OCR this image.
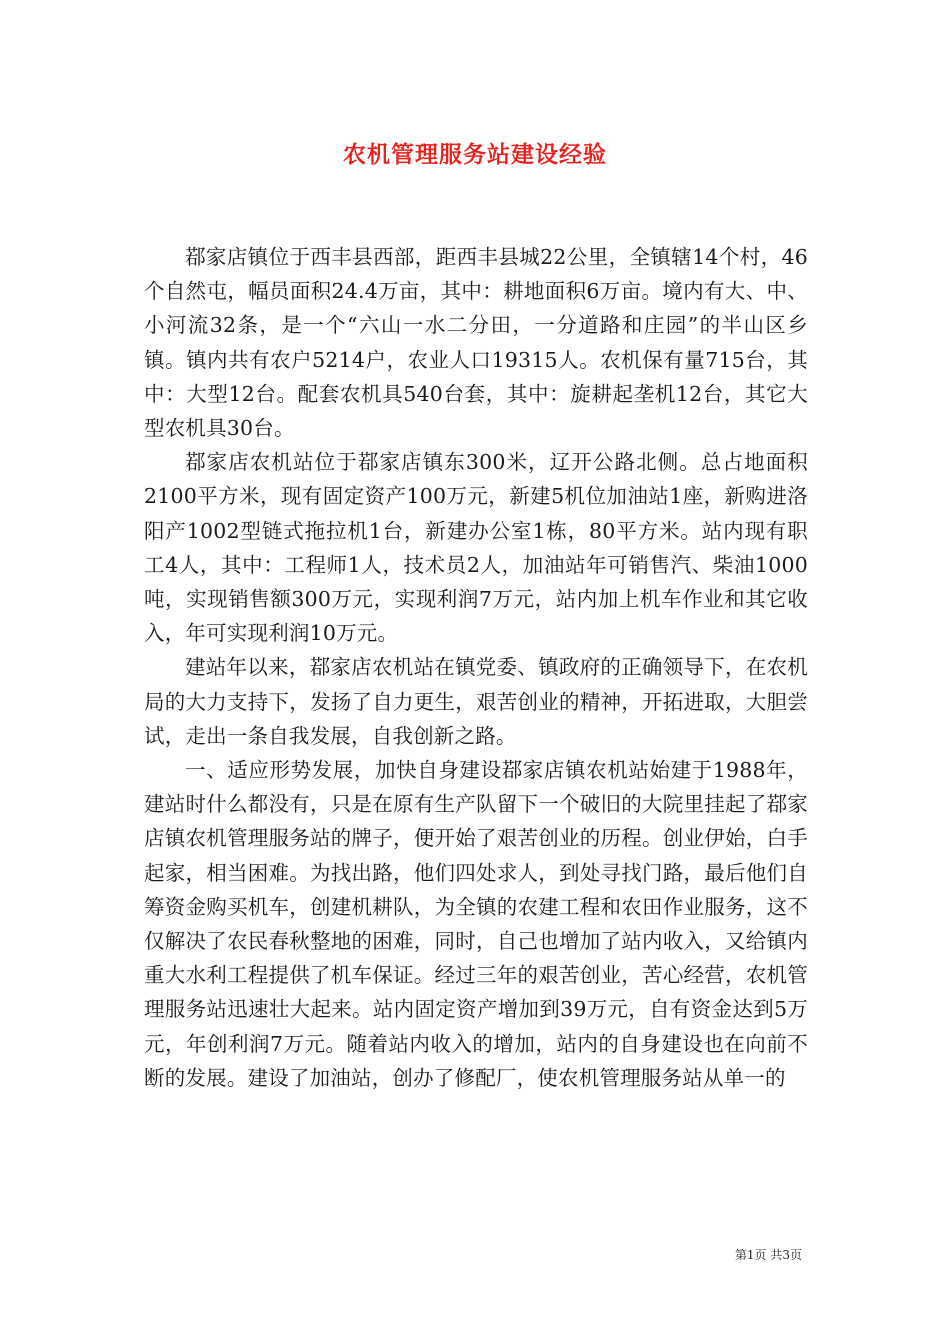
农机管理服务站建设经验

鄀家店镇位于西丰县西部，距西丰县城22公里，全镇辖14个村，46个自然屯，幅员面积24.4万亩，其中：耕地面积6万亩。境内有大、中、小河流32条，是一个“六山一水二分田，一分道路和庄园”的半山区乡镇。镇内共有农户5214户，农业人口19315人。农机保有量715台，其中：大型12台。配套农机具540台套，其中：旋耕起垄机12台，其它大型农机具30台。

鄀家店农机站位于鄀家店镇东300米，辽开公路北侧。总占地面积2100平方米，现有固定资产100万元，新建5机位加油站1座，新购进洛阳产1002型链式拖拉机1台，新建办公室1栋，80平方米。站内现有职工4人，其中：工程师1人，技术员2人，加油站年可销售汽、柴油1000吨，实现销售额300万元，实现利润7万元，站内加上机车作业和其它收入，年可实现利润10万元。

建站年以来，鄀家店农机站在镇党委、镇政府的正确领导下，在农机局的大力支持下，发扬了自力更生，艰苦创业的精神，开拓进取，大胆尝试，走出一条自我发展，自我创新之路。

一、适应形势发展，加快自身建设鄀家店镇农机站始建于1988年，建站时什么都没有，只是在原有生产队留下一个破旧的大院里挂起了鄀家店镇农机管理服务站的牌子，便开始了艰苦创业的历程。创业伊始，白手起家，相当困难。为找出路，他们四处求人，到处寻找门路，最后他们自筹资金购买机车，创建机耕队，为全镇的农建工程和农田作业服务，这不仅解决了农民春秋整地的困难，同时，自己也增加了站内收入，又给镇内重大水利工程提供了机车保证。经过三年的艰苦创业，苦心经营，农机管理服务站迅速壮大起来。站内固定资产增加到39万元，自有资金达到5万元，年创利润7万元。随着站内收入的增加，站内的自身建设也在向前不断的发展。建设了加油站，创办了修配厂，使农机管理服务站从单一的

第1页 共3页
